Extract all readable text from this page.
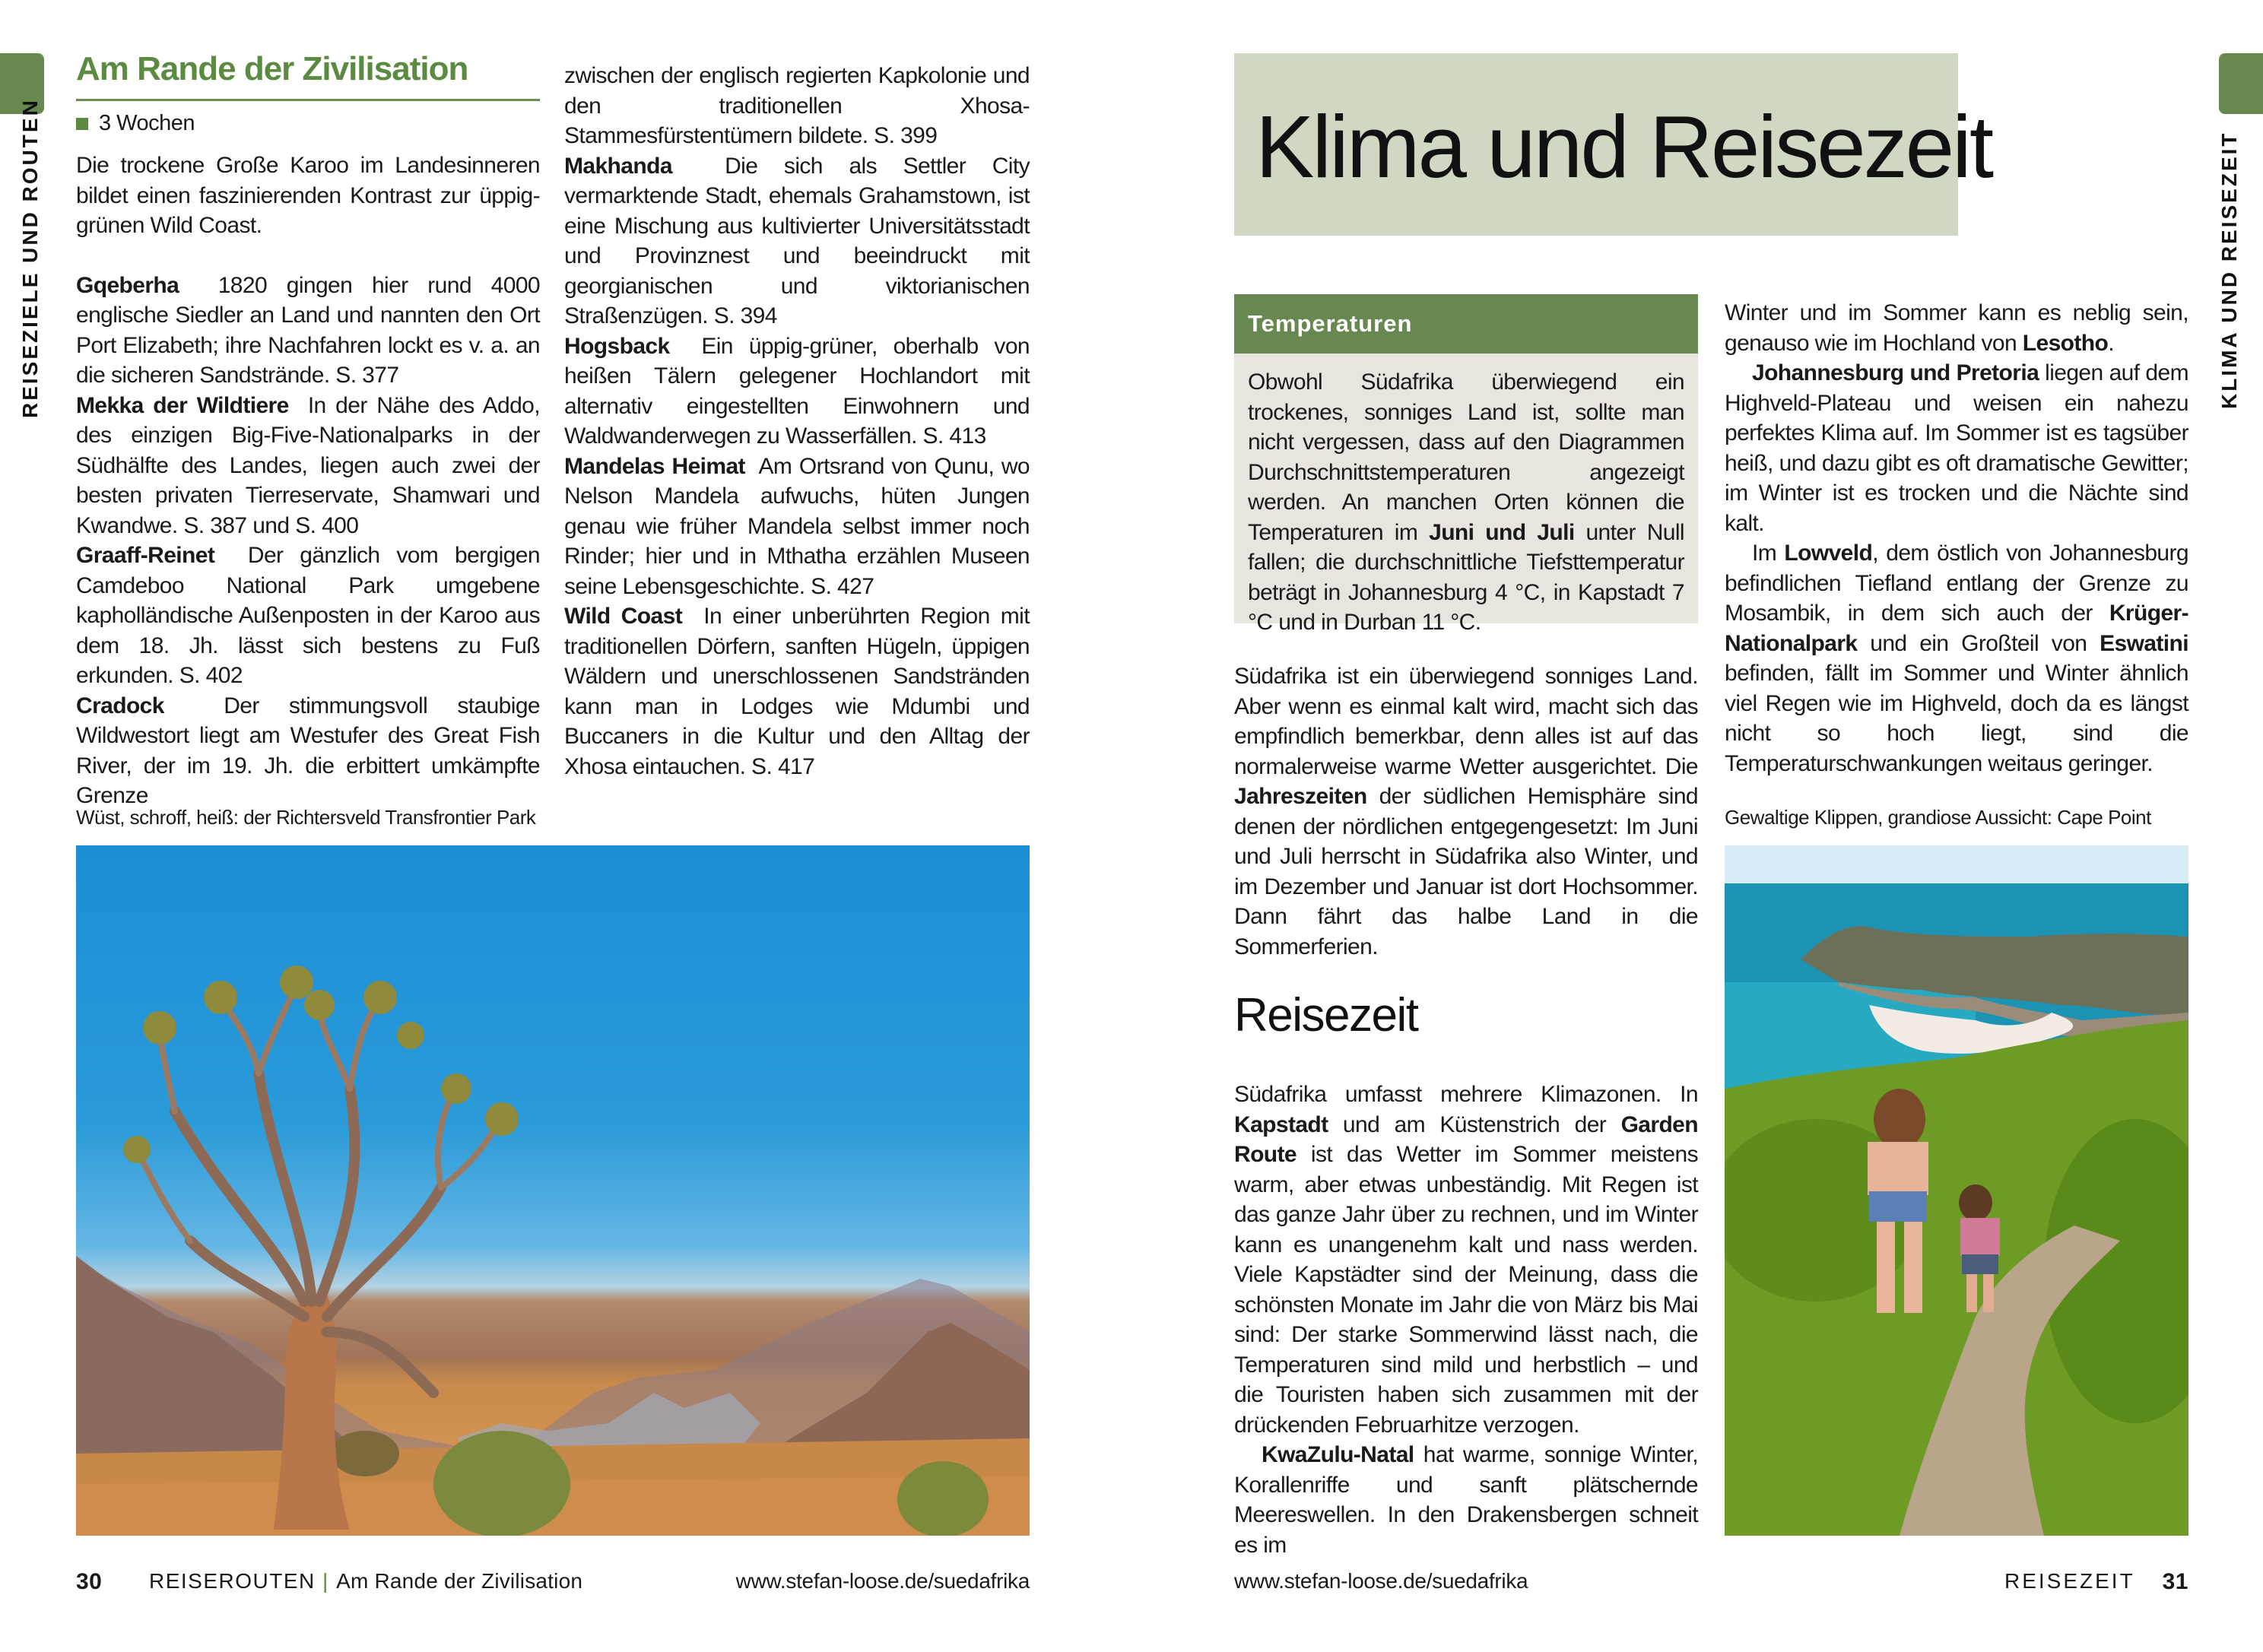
REISEZIELE UND ROUTEN
Am Rande der Zivilisation
3 Wochen

Die trockene Große Karoo im Landesinneren bildet einen faszinierenden Kontrast zur üppig-grünen Wild Coast.

Gqeberha 1820 gingen hier rund 4000 englische Siedler an Land und nannten den Ort Port Elizabeth; ihre Nachfahren lockt es v. a. an die sicheren Sandstrände. S. 377

Mekka der Wildtiere In der Nähe des Addo, des einzigen Big-Five-Nationalparks in der Südhälfte des Landes, liegen auch zwei der besten privaten Tierreservate, Shamwari und Kwandwe. S. 387 und S. 400

Graaff-Reinet Der gänzlich vom bergigen Camdeboo National Park umgebene kapholländische Außenposten in der Karoo aus dem 18. Jh. lässt sich bestens zu Fuß erkunden. S. 402

Cradock	Der stimmungsvoll staubige Wildwestort liegt am Westufer des Great Fish River, der im 19. Jh. die erbittert umkämpfte Grenze

zwischen der englisch regierten Kapkolonie und den traditionellen Xhosa-Stammesfürstentümern bildete. S. 399

Makhanda Die sich als Settler City vermarktende Stadt, ehemals Grahamstown, ist eine Mischung aus kultivierter Universitätsstadt und Provinznest und beeindruckt mit georgianischen und viktorianischen Straßenzügen. S. 394

Hogsback Ein üppig-grüner, oberhalb von heißen Tälern gelegener Hochlandort mit alternativ eingestellten Einwohnern und Waldwanderwegen zu Wasserfällen. S. 413

Mandelas Heimat Am Ortsrand von Qunu, wo Nelson Mandela aufwuchs, hüten Jungen genau wie früher Mandela selbst immer noch Rinder; hier und in Mthatha erzählen Museen seine Lebensgeschichte. S. 427

Wild Coast In einer unberührten Region mit traditionellen Dörfern, sanften Hügeln, üppigen Wäldern und unerschlossenen Sandstränden kann man in Lodges wie Mdumbi und Buccaners in die Kultur und den Alltag der Xhosa eintauchen. S. 417

Wüst, schroff, heiß: der Richtersveld Transfrontier Park
30 REISEROUTEN | Am Rande der Zivilisation	www.stefan-loose.de/suedafrika
Klima und Reisezeit	KLIMA UND REISEZEIT
Temperaturen

Obwohl Südafrika überwiegend ein trockenes, sonniges Land ist, sollte man nicht vergessen, dass auf den Diagrammen Durchschnittstemperaturen angezeigt werden. An manchen Orten können die Temperaturen im Juni und Juli unter Null fallen; die durchschnittliche Tiefsttemperatur beträgt in Johannesburg 4 °C, in Kapstadt 7 °C und in Durban 11 °C.

Südafrika ist ein überwiegend sonniges Land. Aber wenn es einmal kalt wird, macht sich das empfindlich bemerkbar, denn alles ist auf das normalerweise warme Wetter ausgerichtet. Die Jahreszeiten der südlichen Hemisphäre sind denen der nördlichen entgegengesetzt: Im Juni und Juli herrscht in Südafrika also Winter, und im Dezember und Januar ist dort Hochsommer. Dann fährt das halbe Land in die Sommerferien.

Reisezeit

Südafrika umfasst mehrere Klimazonen. In Kapstadt und am Küstenstrich der Garden Route ist das Wetter im Sommer meistens warm, aber etwas unbeständig. Mit Regen ist das ganze Jahr über zu rechnen, und im Winter kann es unangenehm kalt und nass werden. Viele Kapstädter sind der Meinung, dass die schönsten Monate im Jahr die von März bis Mai sind: Der starke Sommerwind lässt nach, die Temperaturen sind mild und herbstlich – und die Touristen haben sich zusammen mit der drückenden Februarhitze verzogen.

KwaZulu-Natal hat warme, sonnige Winter, Korallenriffe und sanft plätschernde Meereswellen. In den Drakensbergen schneit es im

Winter und im Sommer kann es neblig sein, genauso wie im Hochland von Lesotho.

Johannesburg und Pretoria liegen auf dem Highveld-Plateau und weisen ein nahezu perfektes Klima auf. Im Sommer ist es tagsüber heiß, und dazu gibt es oft dramatische Gewitter; im Winter ist es trocken und die Nächte sind kalt.

Im Lowveld, dem östlich von Johannesburg befindlichen Tiefland entlang der Grenze zu Mosambik, in dem sich auch der Krüger-Nationalpark und ein Großteil von Eswatini befinden, fällt im Sommer und Winter ähnlich viel Regen wie im Highveld, doch da es längst nicht so hoch liegt, sind die Temperaturschwankungen weitaus geringer.

Gewaltige Klippen, grandiose Aussicht: Cape Point
www.stefan-loose.de/suedafrika	REISEZEIT 31
